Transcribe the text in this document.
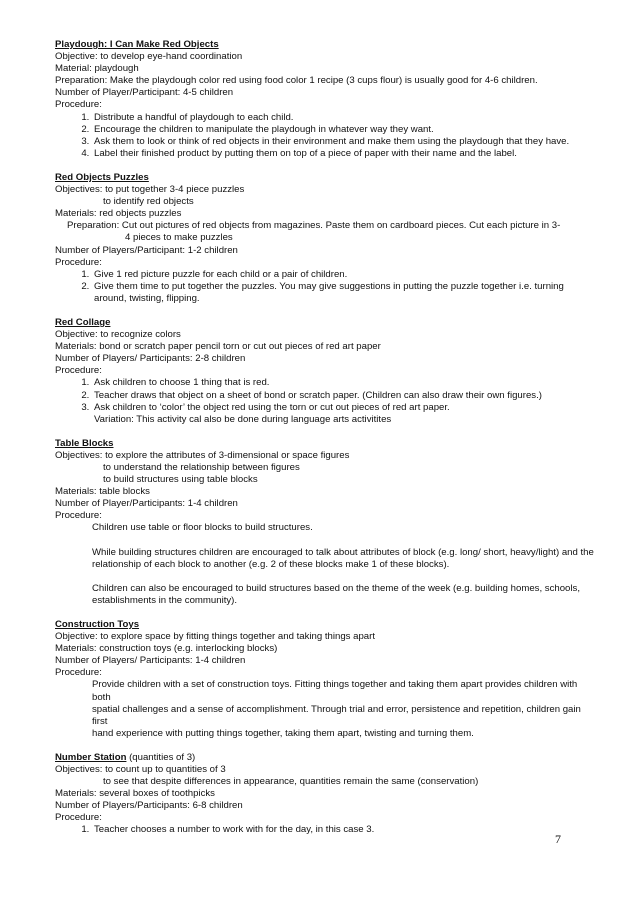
Playdough: I Can Make Red Objects
Objective: to develop eye-hand coordination
Material: playdough
Preparation: Make the playdough color red using food color 1 recipe (3 cups flour) is usually good for 4-6 children.
Number of Player/Participant: 4-5 children
Procedure:
1. Distribute a handful of playdough to each child.
2. Encourage the children to manipulate the playdough in whatever way they want.
3. Ask them to look or think of red objects in their environment and make them using the playdough that they have.
4. Label their finished product by putting them on top of a piece of paper with their name and the label.
Red Objects Puzzles
Objectives: to put together 3-4 piece puzzles
to identify red objects
Materials: red objects puzzles
Preparation: Cut out pictures of red objects from magazines. Paste them on cardboard pieces. Cut each picture in 3-
4 pieces to make puzzles
Number of Players/Participant: 1-2 children
Procedure:
1. Give 1 red picture puzzle for each child or a pair of children.
2. Give them time to put together the puzzles. You may give suggestions in putting the puzzle together i.e. turning
around, twisting, flipping.
Red Collage
Objective: to recognize colors
Materials: bond or scratch paper pencil torn or cut out pieces of red art paper
Number of Players/ Participants: 2-8 children
Procedure:
1. Ask children to choose 1 thing that is red.
2. Teacher draws that object on a sheet of bond or scratch paper. (Children can also draw their own figures.)
3. Ask children to ‘color’ the object red using the torn or cut out pieces of red art paper.
Variation: This activity cal also be done during language arts activitites
Table Blocks
Objectives: to explore the attributes of 3-dimensional or space figures
to understand the relationship between figures
to build structures using table blocks
Materials: table blocks
Number of Player/Participants: 1-4 children
Procedure:
Children use table or floor blocks to build structures.
While building structures children are encouraged to talk about attributes of block (e.g. long/ short, heavy/light) and the
relationship of each block to another (e.g. 2 of these blocks make 1 of these blocks).
Children can also be encouraged to build structures based on the theme of the week (e.g. building homes, schools,
establishments in the community).
Construction Toys
Objective: to explore space by fitting things together and taking things apart
Materials: construction toys (e.g. interlocking blocks)
Number of Players/ Participants: 1-4 children
Procedure:
Provide children with a set of construction toys. Fitting things together and taking them apart provides children with both
spatial challenges and a sense of accomplishment. Through trial and error, persistence and repetition, children gain first
hand experience with putting things together, taking them apart, twisting and turning them.
Number Station (quantities of 3)
Objectives: to count up to quantities of 3
to see that despite differences in appearance, quantities remain the same (conservation)
Materials: several boxes of toothpicks
Number of Players/Participants: 6-8 children
Procedure:
1. Teacher chooses a number to work with for the day, in this case 3.
7
